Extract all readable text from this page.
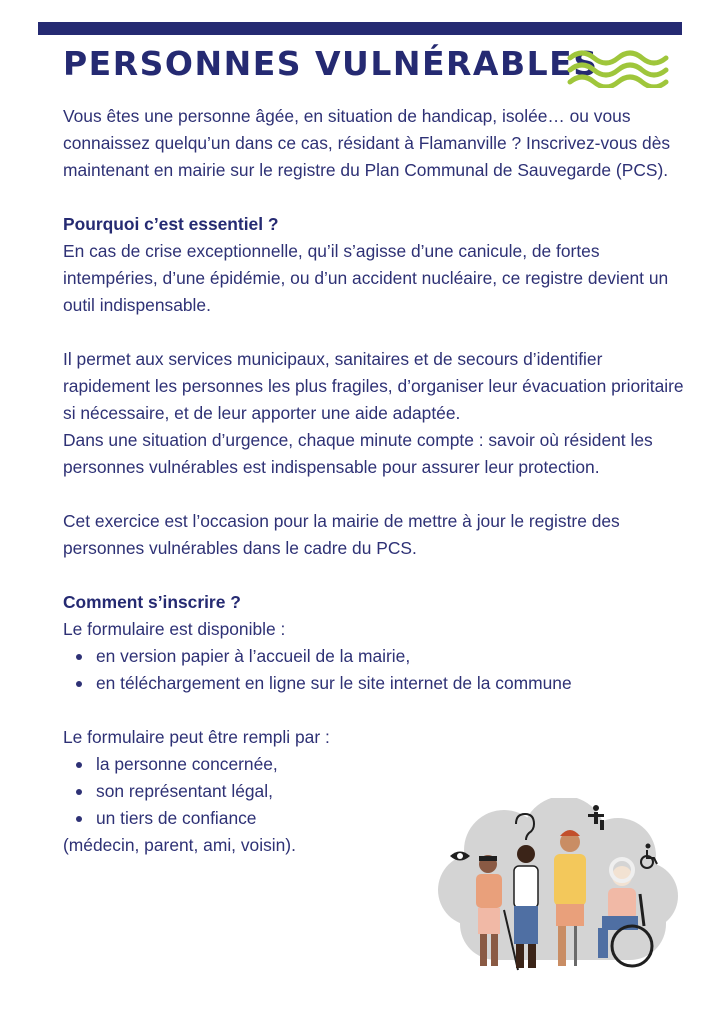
PERSONNES VULNÉRABLES

Vous êtes une personne âgée, en situation de handicap, isolée… ou vous connaissez quelqu’un dans ce cas, résidant à Flamanville ? Inscrivez-vous dès maintenant en mairie sur le registre du Plan Communal de Sauvegarde (PCS).

Pourquoi c’est essentiel ?

En cas de crise exceptionnelle, qu’il s’agisse d’une canicule, de fortes intempéries, d’une épidémie, ou d’un accident nucléaire, ce registre devient un outil indispensable.

Il permet aux services municipaux, sanitaires et de secours d’identifier rapidement les personnes les plus fragiles, d’organiser leur évacuation prioritaire si nécessaire, et de leur apporter une aide adaptée.

Dans une situation d’urgence, chaque minute compte : savoir où résident les personnes vulnérables est indispensable pour assurer leur protection.

Cet exercice est l’occasion pour la mairie de mettre à jour le registre des personnes vulnérables dans le cadre du PCS.

Comment s’inscrire ?

Le formulaire est disponible :

en version papier à l’accueil de la mairie,
en téléchargement en ligne sur le site internet de la commune

Le formulaire peut être rempli par :

la personne concernée,
son représentant légal,
un tiers de confiance

(médecin, parent, ami, voisin).
